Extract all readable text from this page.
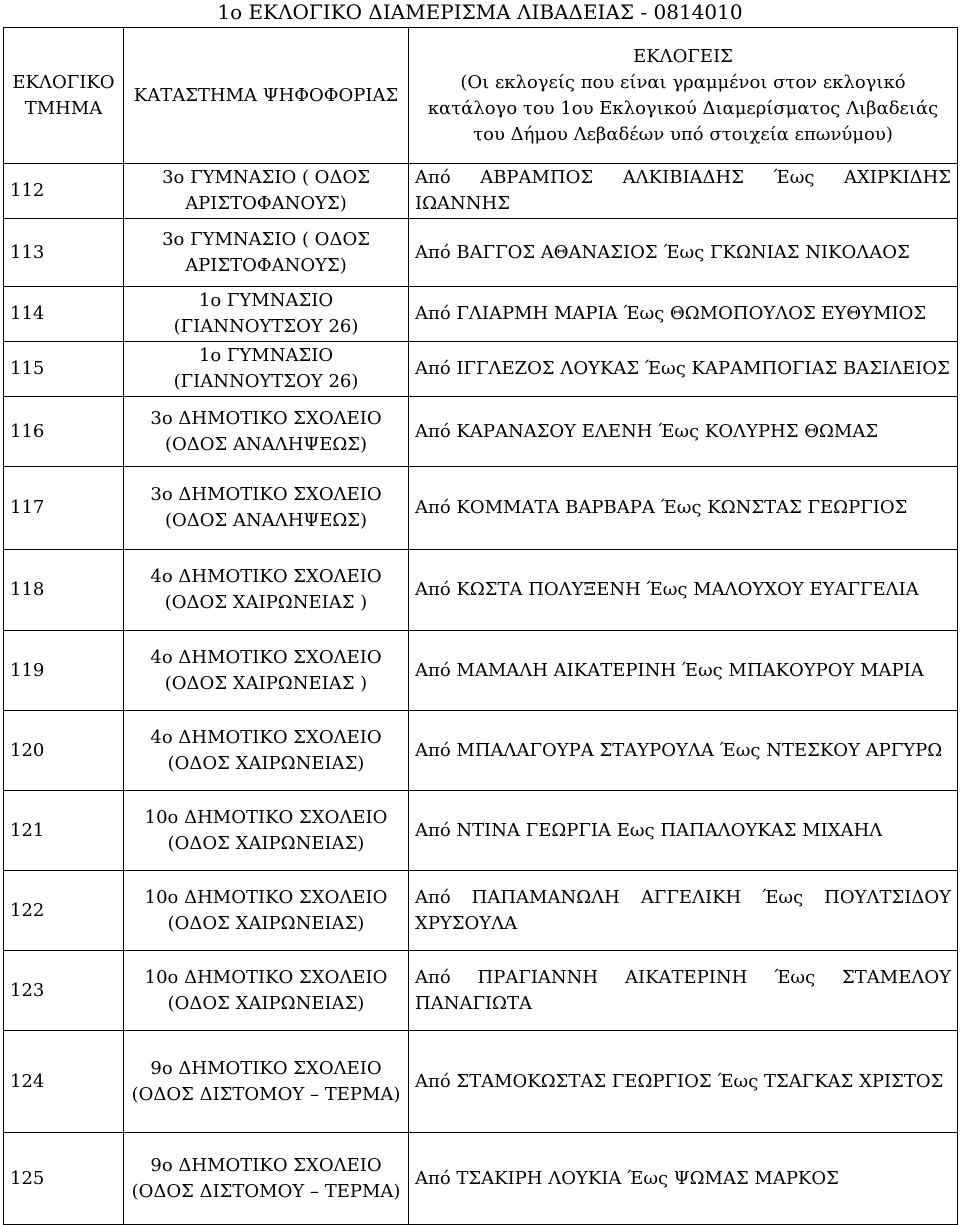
1ο ΕΚΛΟΓΙΚΟ ΔΙΑΜΕΡΙΣΜΑ ΛΙΒΑΔΕΙΑΣ - 0814010
ΕΚΛΟΓΙΚΟ ΤΜΗΜΑ	ΚΑΤΑΣΤΗΜΑ ΨΗΦΟΦΟΡΙΑΣ	ΕΚΛΟΓΕΙΣ
(Οι εκλογείς που είναι γραμμένοι στον εκλογικό κατάλογο του 1ου Εκλογικού Διαμερίσματος Λιβαδειάς του Δήμου Λεβαδέων υπό στοιχεία επωνύμου)

112	3ο ΓΥΜΝΑΣΙΟ ( ΟΔΟΣ ΑΡΙΣΤΟΦΑΝΟΥΣ)	Από ΑΒΡΑΜΠΟΣ ΑΛΚΙΒΙΑΔΗΣ Έως ΑΧΙΡΚΙΔΗΣ ΙΩΑΝΝΗΣ
113	3ο ΓΥΜΝΑΣΙΟ ( ΟΔΟΣ ΑΡΙΣΤΟΦΑΝΟΥΣ)	Από ΒΑΓΓΟΣ ΑΘΑΝΑΣΙΟΣ Έως ΓΚΩΝΙΑΣ ΝΙΚΟΛΑΟΣ
114	1ο ΓΥΜΝΑΣΙΟ (ΓΙΑΝΝΟΥΤΣΟΥ 26)	Από ΓΛΙΑΡΜΗ ΜΑΡΙΑ Έως ΘΩΜΟΠΟΥΛΟΣ ΕΥΘΥΜΙΟΣ
115	1ο ΓΥΜΝΑΣΙΟ (ΓΙΑΝΝΟΥΤΣΟΥ 26)	Από ΙΓΓΛΕΖΟΣ ΛΟΥΚΑΣ Έως ΚΑΡΑΜΠΟΓΙΑΣ ΒΑΣΙΛΕΙΟΣ
116	3ο ΔΗΜΟΤΙΚΟ ΣΧΟΛΕΙΟ (ΟΔΟΣ ΑΝΑΛΗΨΕΩΣ)	Από ΚΑΡΑΝΑΣΟΥ ΕΛΕΝΗ Έως ΚΟΛΥΡΗΣ ΘΩΜΑΣ
117	3ο ΔΗΜΟΤΙΚΟ ΣΧΟΛΕΙΟ (ΟΔΟΣ ΑΝΑΛΗΨΕΩΣ)	Από ΚΟΜΜΑΤΑ ΒΑΡΒΑΡΑ Έως ΚΩΝΣΤΑΣ ΓΕΩΡΓΙΟΣ
118	4ο ΔΗΜΟΤΙΚΟ ΣΧΟΛΕΙΟ (ΟΔΟΣ ΧΑΙΡΩΝΕΙΑΣ )	Από ΚΩΣΤΑ ΠΟΛΥΞΕΝΗ Έως ΜΑΛΟΥΧΟΥ ΕΥΑΓΓΕΛΙΑ
119	4ο ΔΗΜΟΤΙΚΟ ΣΧΟΛΕΙΟ (ΟΔΟΣ ΧΑΙΡΩΝΕΙΑΣ )	Από ΜΑΜΑΛΗ ΑΙΚΑΤΕΡΙΝΗ Έως ΜΠΑΚΟΥΡΟΥ ΜΑΡΙΑ
120	4ο ΔΗΜΟΤΙΚΟ ΣΧΟΛΕΙΟ (ΟΔΟΣ ΧΑΙΡΩΝΕΙΑΣ)	Από ΜΠΑΛΑΓΟΥΡΑ ΣΤΑΥΡΟΥΛΑ Έως ΝΤΕΣΚΟΥ ΑΡΓΥΡΩ
121	10ο ΔΗΜΟΤΙΚΟ ΣΧΟΛΕΙΟ (ΟΔΟΣ ΧΑΙΡΩΝΕΙΑΣ)	Από ΝΤΙΝΑ ΓΕΩΡΓΙΑ Εως ΠΑΠΑΛΟΥΚΑΣ ΜΙΧΑΗΛ
122	10ο ΔΗΜΟΤΙΚΟ ΣΧΟΛΕΙΟ (ΟΔΟΣ ΧΑΙΡΩΝΕΙΑΣ)	Από ΠΑΠΑΜΑΝΩΛΗ ΑΓΓΕΛΙΚΗ Έως ΠΟΥΛΤΣΙΔΟΥ ΧΡΥΣΟΥΛΑ
123	10ο ΔΗΜΟΤΙΚΟ ΣΧΟΛΕΙΟ (ΟΔΟΣ ΧΑΙΡΩΝΕΙΑΣ)	Από ΠΡΑΓΙΑΝΝΗ ΑΙΚΑΤΕΡΙΝΗ Έως ΣΤΑΜΕΛΟΥ ΠΑΝΑΓΙΩΤΑ
124	9ο ΔΗΜΟΤΙΚΟ ΣΧΟΛΕΙΟ (ΟΔΟΣ ΔΙΣΤΟΜΟΥ – ΤΕΡΜΑ)	Από ΣΤΑΜΟΚΩΣΤΑΣ ΓΕΩΡΓΙΟΣ Έως ΤΣΑΓΚΑΣ ΧΡΙΣΤΟΣ
125	9ο ΔΗΜΟΤΙΚΟ ΣΧΟΛΕΙΟ (ΟΔΟΣ ΔΙΣΤΟΜΟΥ – ΤΕΡΜΑ)	Από ΤΣΑΚΙΡΗ ΛΟΥΚΙΑ Έως ΨΩΜΑΣ ΜΑΡΚΟΣ
